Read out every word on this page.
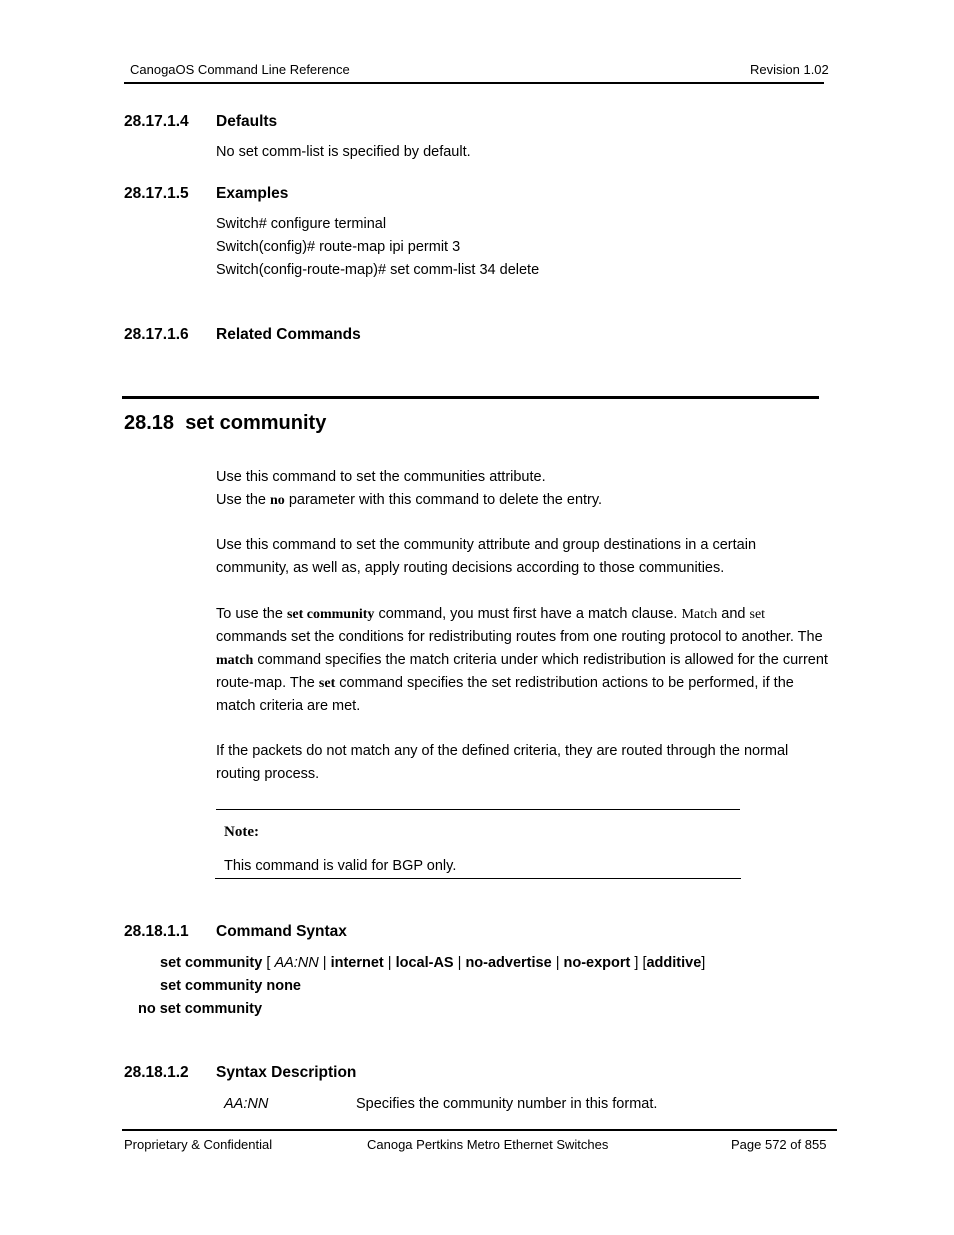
CanogaOS Command Line Reference	Revision 1.02
28.17.1.4 Defaults
No set comm-list is specified by default.
28.17.1.5 Examples
Switch# configure terminal
Switch(config)# route-map ipi permit 3
Switch(config-route-map)# set comm-list 34 delete
28.17.1.6 Related Commands
28.18 set community
Use this command to set the communities attribute.
Use the no parameter with this command to delete the entry.
Use this command to set the community attribute and group destinations in a certain community, as well as, apply routing decisions according to those communities.
To use the set community command, you must first have a match clause. Match and set commands set the conditions for redistributing routes from one routing protocol to another. The match command specifies the match criteria under which redistribution is allowed for the current route-map. The set command specifies the set redistribution actions to be performed, if the match criteria are met.
If the packets do not match any of the defined criteria, they are routed through the normal routing process.
Note:
This command is valid for BGP only.
28.18.1.1 Command Syntax
set community [ AA:NN | internet | local-AS | no-advertise | no-export ] [additive]
set community none
no set community
28.18.1.2 Syntax Description
AA:NN	Specifies the community number in this format.
Proprietary & Confidential	Canoga Pertkins Metro Ethernet Switches	Page 572 of 855
